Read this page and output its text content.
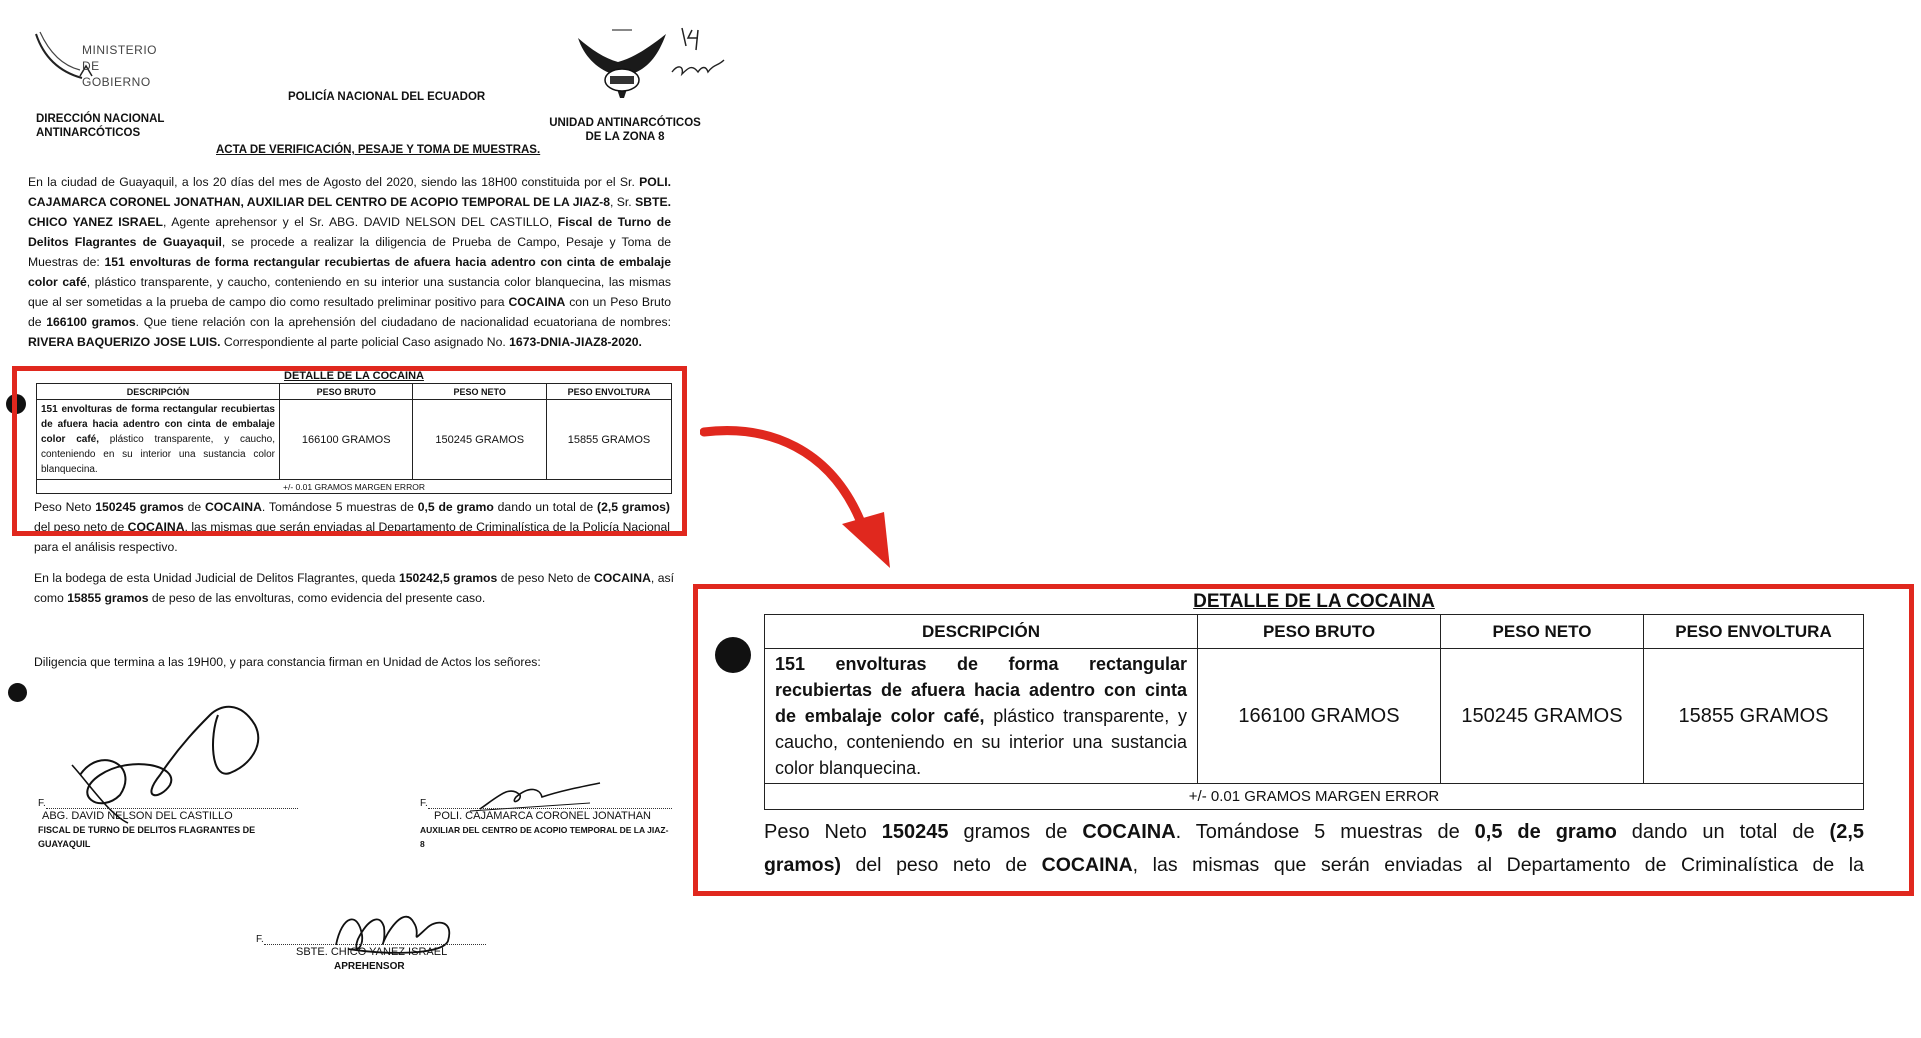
MINISTERIO DE GOBIERNO
DIRECCIÓN NACIONAL ANTINARCÓTICOS
POLICÍA NACIONAL DEL ECUADOR
UNIDAD ANTINARCÓTICOS
DE LA ZONA 8
ACTA DE VERIFICACIÓN, PESAJE Y TOMA DE MUESTRAS.
En la ciudad de Guayaquil, a los 20 días del mes de Agosto del 2020, siendo las 18H00 constituida por el Sr. POLI. CAJAMARCA CORONEL JONATHAN, AUXILIAR DEL CENTRO DE ACOPIO TEMPORAL DE LA JIAZ-8, Sr. SBTE. CHICO YANEZ ISRAEL, Agente aprehensor y el Sr. ABG. DAVID NELSON DEL CASTILLO, Fiscal de Turno de Delitos Flagrantes de Guayaquil, se procede a realizar la diligencia de Prueba de Campo, Pesaje y Toma de Muestras de: 151 envolturas de forma rectangular recubiertas de afuera hacia adentro con cinta de embalaje color café, plástico transparente, y caucho, conteniendo en su interior una sustancia color blanquecina, las mismas que al ser sometidas a la prueba de campo dio como resultado preliminar positivo para COCAINA con un Peso Bruto de 166100 gramos. Que tiene relación con la aprehensión del ciudadano de nacionalidad ecuatoriana de nombres: RIVERA BAQUERIZO JOSE LUIS. Correspondiente al parte policial Caso asignado No. 1673-DNIA-JIAZ8-2020.
DETALLE DE LA COCAINA
DESCRIPCIÓN	PESO BRUTO	PESO NETO	PESO ENVOLTURA
151 envolturas de forma rectangular recubiertas de afuera hacia adentro con cinta de embalaje color café, plástico transparente, y caucho, conteniendo en su interior una sustancia color blanquecina.	166100 GRAMOS	150245 GRAMOS	15855 GRAMOS
+/- 0.01 GRAMOS MARGEN ERROR			
Peso Neto 150245 gramos de COCAINA. Tomándose 5 muestras de 0,5 de gramo dando un total de (2,5 gramos) del peso neto de COCAINA, las mismas que serán enviadas al Departamento de Criminalística de la Policía Nacional para el análisis respectivo.
En la bodega de esta Unidad Judicial de Delitos Flagrantes, queda 150242,5 gramos de peso Neto de COCAINA, así como 15855 gramos de peso de las envolturas, como evidencia del presente caso.
Diligencia que termina a las 19H00, y para constancia firman en Unidad de Actos los señores:
F.
ABG. DAVID NELSON DEL CASTILLO
FISCAL DE TURNO DE DELITOS FLAGRANTES DE GUAYAQUIL
F.
POLI. CAJAMARCA CORONEL JONATHAN
AUXILIAR DEL CENTRO DE ACOPIO TEMPORAL DE LA JIAZ-8
F.
SBTE. CHICO YANEZ ISRAEL
APREHENSOR
DETALLE DE LA COCAINA
DESCRIPCIÓN	PESO BRUTO	PESO NETO	PESO ENVOLTURA
151 envolturas de forma rectangular recubiertas de afuera hacia adentro con cinta de embalaje color café, plástico transparente, y caucho, conteniendo en su interior una sustancia color blanquecina.	166100 GRAMOS	150245 GRAMOS	15855 GRAMOS
+/- 0.01 GRAMOS MARGEN ERROR			
Peso Neto 150245 gramos de COCAINA. Tomándose 5 muestras de 0,5 de gramo dando un total de (2,5
gramos) del peso neto de COCAINA, las mismas que serán enviadas al Departamento de Criminalística de la
